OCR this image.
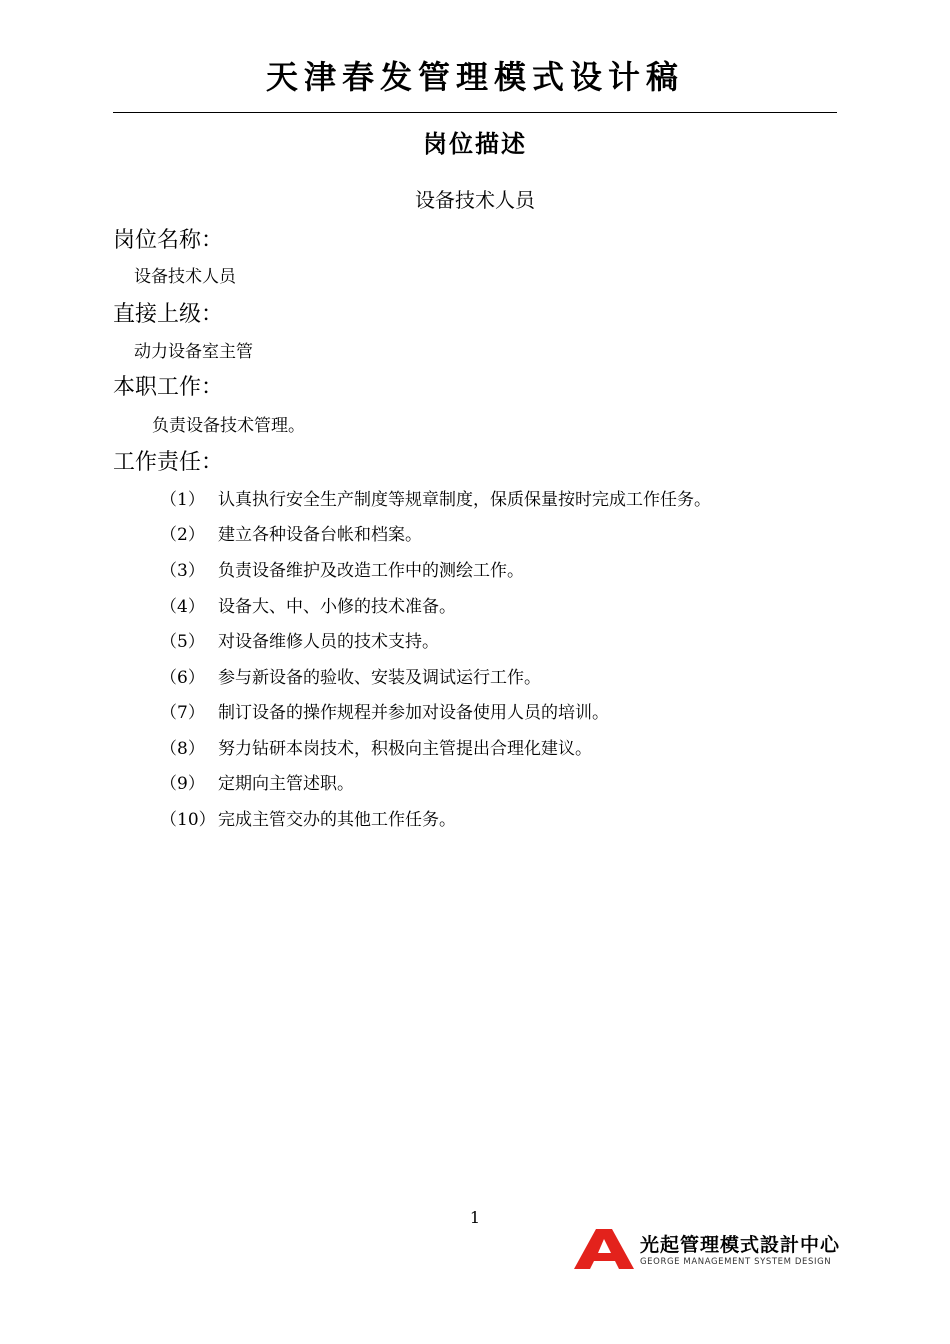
天津春发管理模式设计稿
岗位描述
设备技术人员
岗位名称：
设备技术人员
直接上级：
动力设备室主管
本职工作：
负责设备技术管理。
工作责任：
（1） 认真执行安全生产制度等规章制度，保质保量按时完成工作任务。
（2） 建立各种设备台帐和档案。
（3） 负责设备维护及改造工作中的测绘工作。
（4） 设备大、中、小修的技术准备。
（5） 对设备维修人员的技术支持。
（6） 参与新设备的验收、安装及调试运行工作。
（7） 制订设备的操作规程并参加对设备使用人员的培训。
（8） 努力钻研本岗技术，积极向主管提出合理化建议。
（9） 定期向主管述职。
（10） 完成主管交办的其他工作任务。
1
光起管理模式設計中心
GEORGE MANAGEMENT SYSTEM DESIGN
